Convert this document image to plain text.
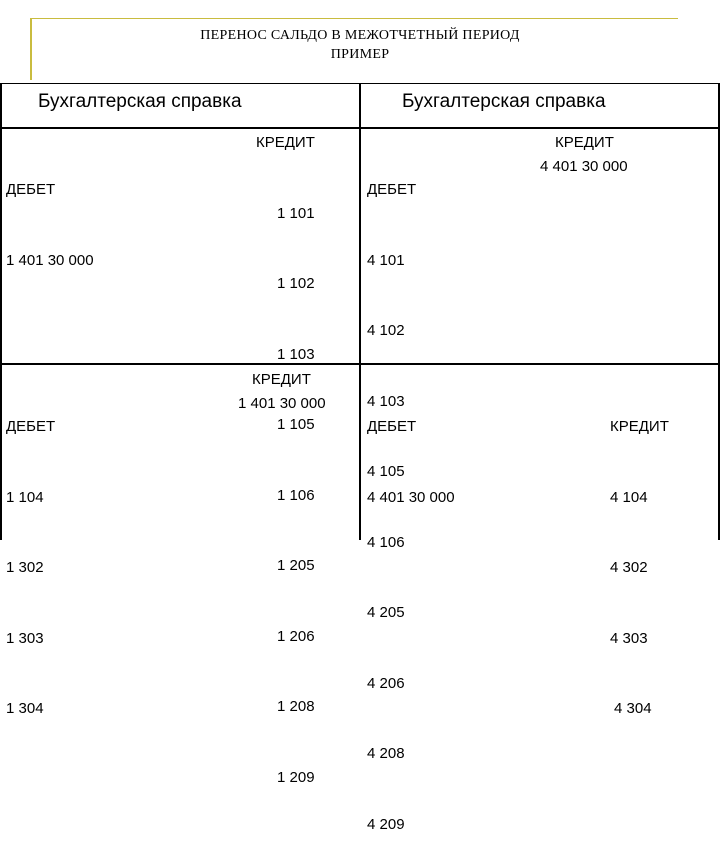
ПЕРЕНОС САЛЬДО В МЕЖОТЧЕТНЫЙ ПЕРИОД
ПРИМЕР
Бухгалтерская справка	Бухгалтерская справка

ДЕБЕТ

1 401 30 000

КРЕДИТ

1 101

1 102

1 103

1 105

1 106

1 205

1 206

1 208

1 209

ДЕБЕТ

4 101

4 102

4 103

4 105

4 106

4 205

4 206

4 208

4 209

КРЕДИТ
4 401 30 000

ДЕБЕТ

1 104

1 302

1 303

1 304

КРЕДИТ
1 401 30 000

ДЕБЕТ

4 401 30 000

КРЕДИТ

4 104

4 302

4 303

4 304
